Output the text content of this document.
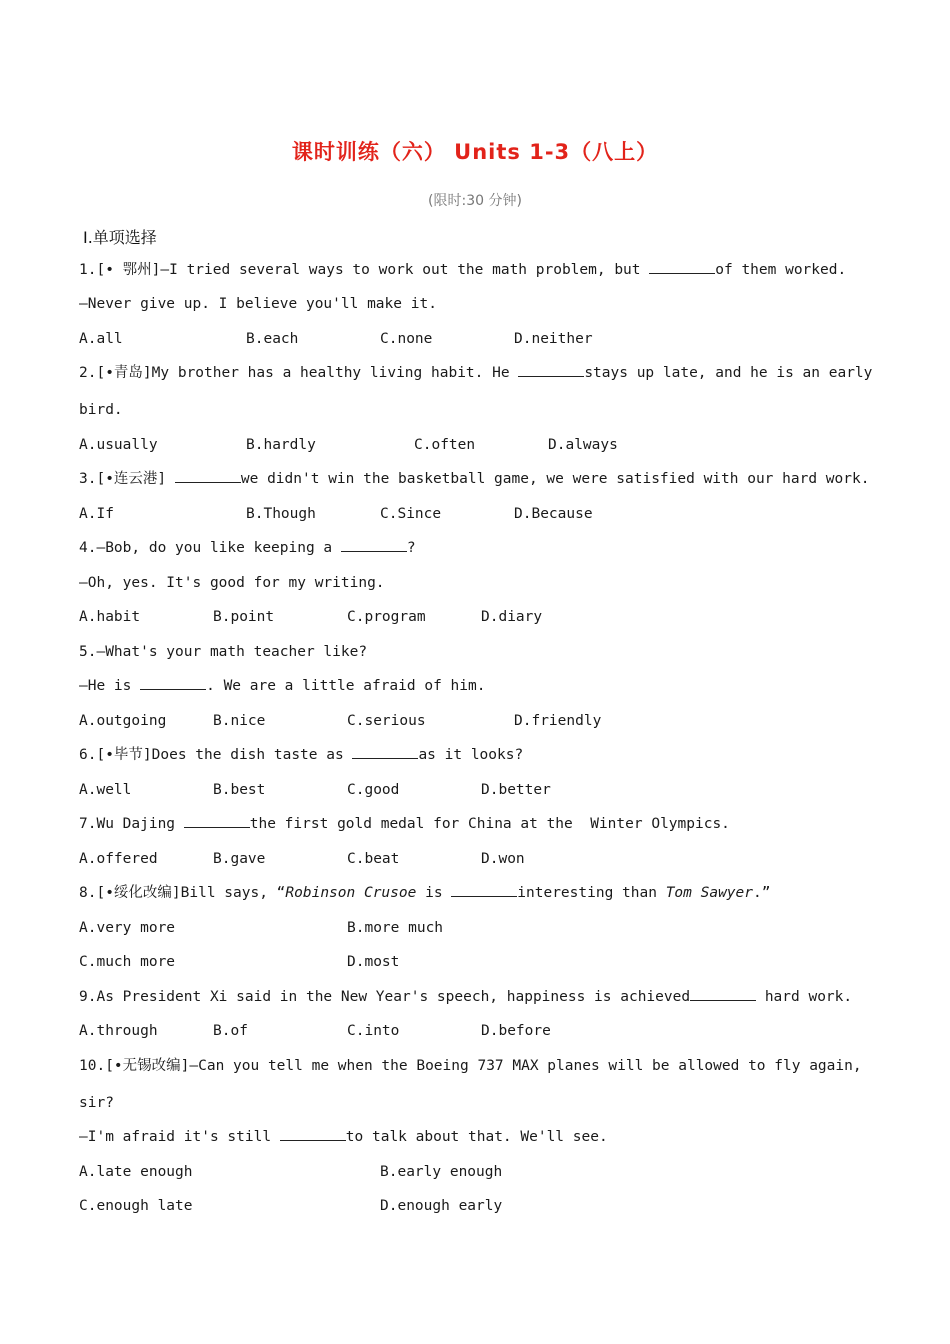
课时训练（六） Units 1-3（八上）
(限时:30 分钟)
Ⅰ.单项选择
1.[• 鄂州]—I tried several ways to work out the math problem, but	of them worked.
—Never give up. I believe you'll make it.
A.all	B.each	C.none	D.neither
2.[•青岛]My brother has a healthy living habit. He	stays up late, and he is an early
bird.
A.usually	B.hardly	C.often	D.always
3.[•连云港]	we didn't win the basketball game, we were satisfied with our hard work.
A.If	B.Though	C.Since	D.Because
4.—Bob, do you like keeping a	?
—Oh, yes. It's good for my writing.
A.habit	B.point	C.program	D.diary
5.—What's your math teacher like?
—He is	. We are a little afraid of him.
A.outgoing	B.nice	C.serious	D.friendly
6.[•毕节]Does the dish taste as	as it looks?
A.well	B.best	C.good	D.better
7.Wu Dajing	the first gold medal for China at the  Winter Olympics.
A.offered	B.gave	C.beat	D.won
8.[•绥化改编]Bill says, “Robinson Crusoe is	interesting than Tom Sawyer.”
A.very more	B.more much
C.much more	D.most
9.As President Xi said in the New Year's speech, happiness is achieved	hard work.
A.through	B.of	C.into	D.before
10.[•无锡改编]—Can you tell me when the Boeing 737 MAX planes will be allowed to fly again,
sir?
—I'm afraid it's still	to talk about that. We'll see.
A.late enough	B.early enough
C.enough late	D.enough early
